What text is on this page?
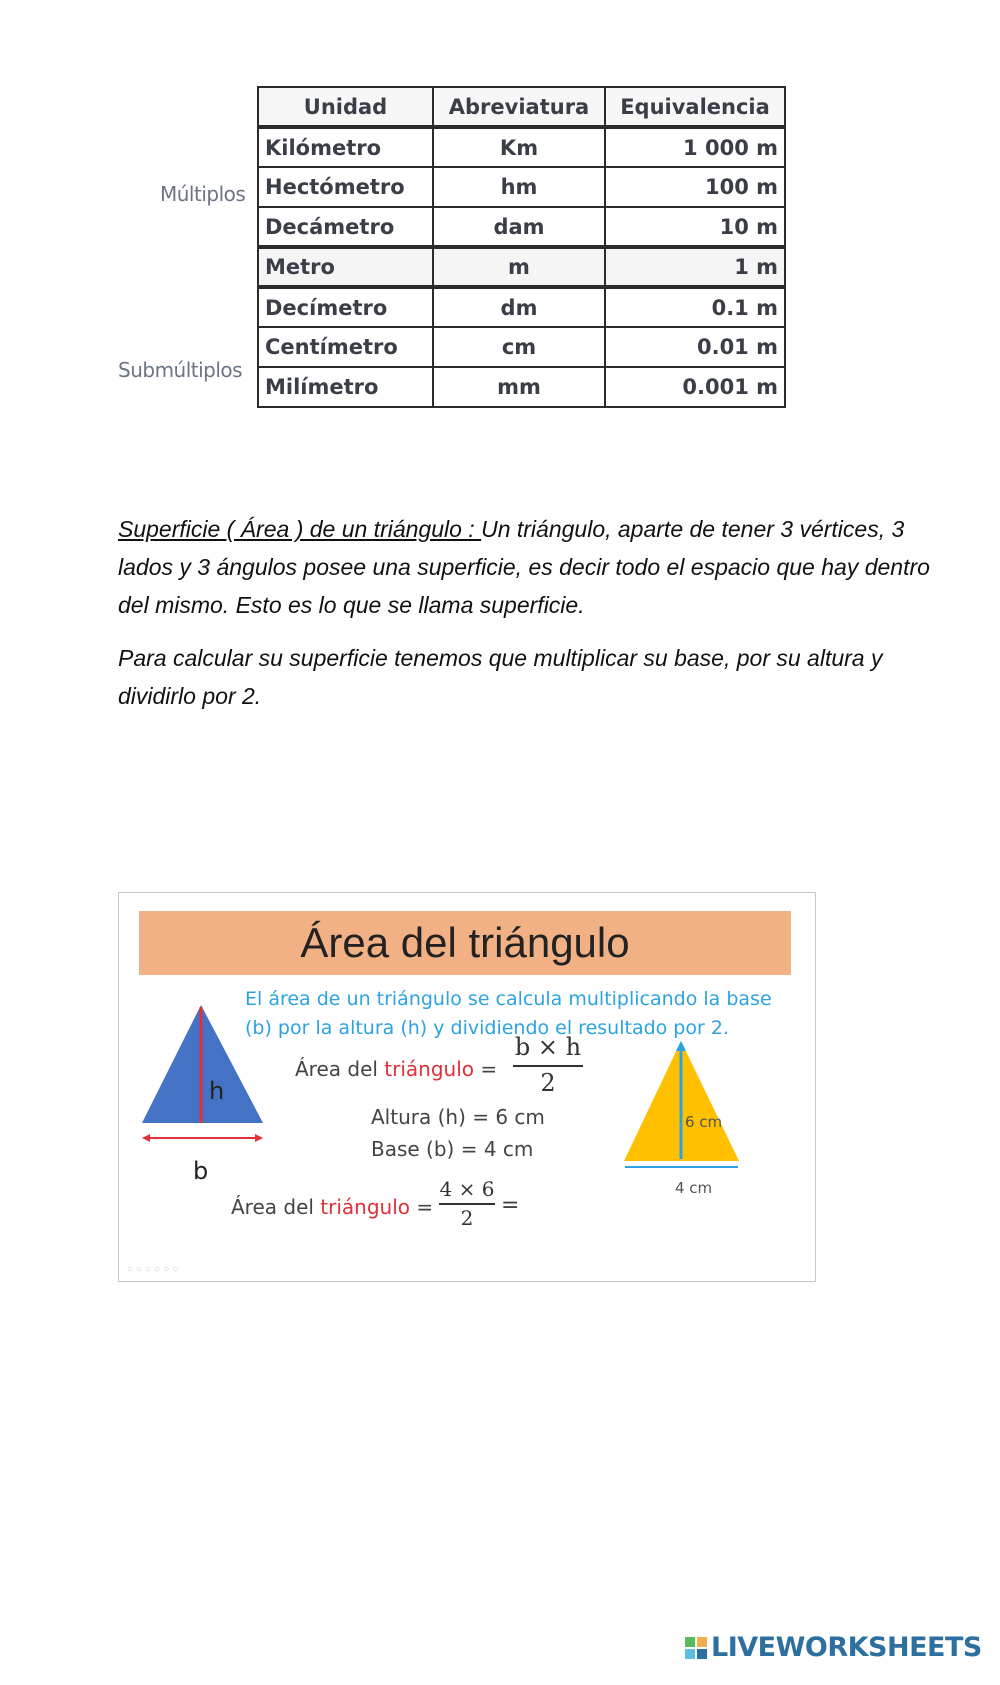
Múltiplos
Submúltiplos
Unidad	Abreviatura	Equivalencia
Kilómetro	Km	1 000 m
Hectómetro	hm	100 m
Decámetro	dam	10 m
Metro	m	1 m
Decímetro	dm	0.1 m
Centímetro	cm	0.01 m
Milímetro	mm	0.001 m
Superficie ( Área ) de un triángulo : Un triángulo, aparte de tener 3 vértices, 3 lados y 3 ángulos posee una superficie, es decir todo el espacio que hay dentro del mismo. Esto es lo que se llama superficie.
Para calcular su superficie tenemos que multiplicar su base, por su altura y dividirlo por 2.
Área del triángulo
El área de un triángulo se calcula multiplicando la base (b) por la altura (h) y dividiendo el resultado por 2.
h
b
Área del triángulo =
b × h
2
Altura (h) = 6 cm
Base (b) = 4 cm
Área del triángulo =
4 × 6
2	=
6 cm
4 cm
○○○○○○
LIVEWORKSHEETS
